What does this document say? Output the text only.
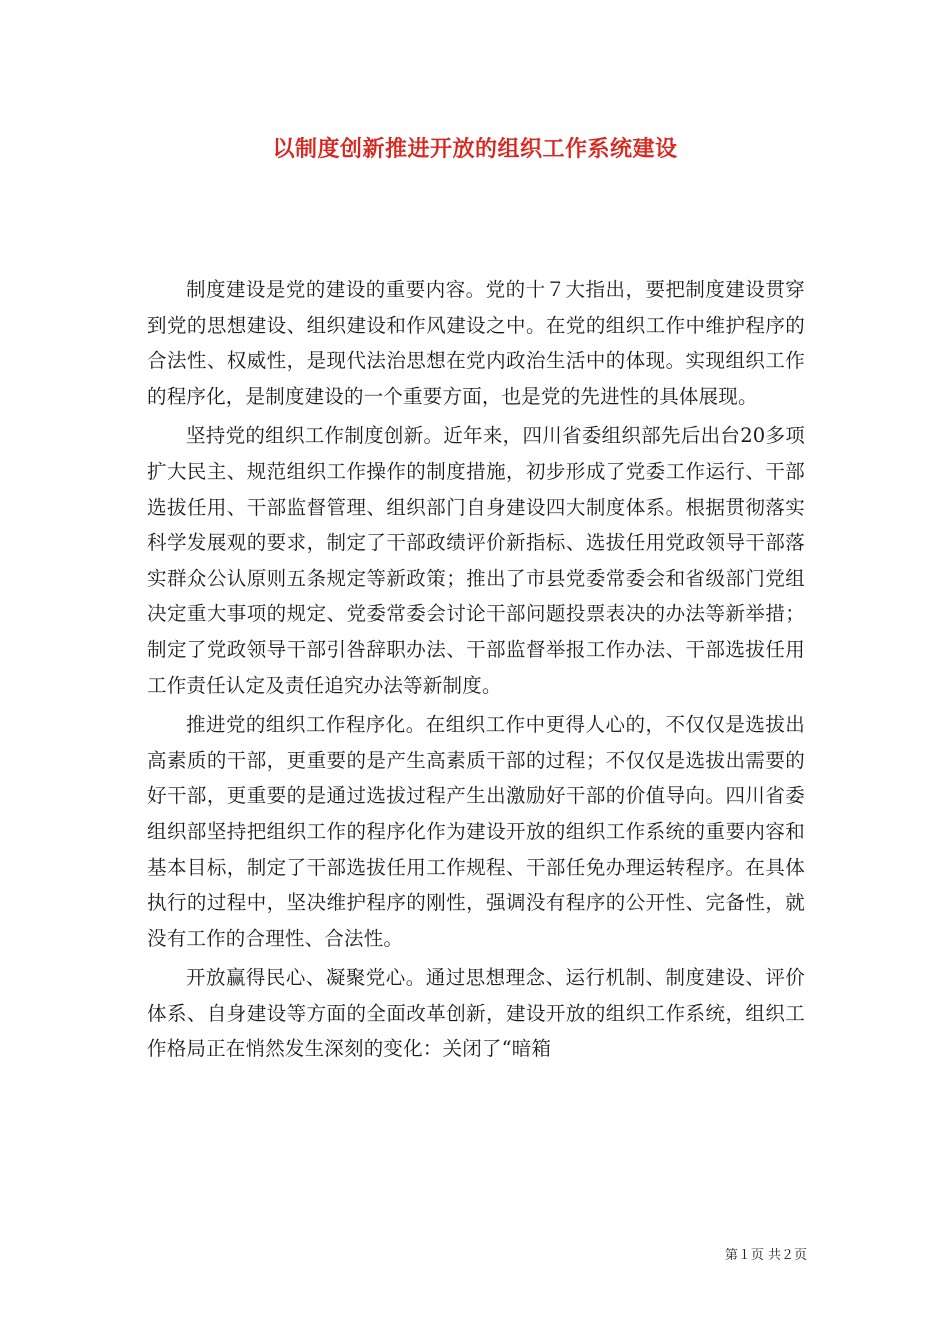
以制度创新推进开放的组织工作系统建设

制度建设是党的建设的重要内容。党的十７大指出，要把制度建设贯穿到党的思想建设、组织建设和作风建设之中。在党的组织工作中维护程序的合法性、权威性，是现代法治思想在党内政治生活中的体现。实现组织工作的程序化，是制度建设的一个重要方面，也是党的先进性的具体展现。

坚持党的组织工作制度创新。近年来，四川省委组织部先后出台20多项扩大民主、规范组织工作操作的制度措施，初步形成了党委工作运行、干部选拔任用、干部监督管理、组织部门自身建设四大制度体系。根据贯彻落实科学发展观的要求，制定了干部政绩评价新指标、选拔任用党政领导干部落实群众公认原则五条规定等新政策；推出了市县党委常委会和省级部门党组决定重大事项的规定、党委常委会讨论干部问题投票表决的办法等新举措；制定了党政领导干部引咎辞职办法、干部监督举报工作办法、干部选拔任用工作责任认定及责任追究办法等新制度。

推进党的组织工作程序化。在组织工作中更得人心的，不仅仅是选拔出高素质的干部，更重要的是产生高素质干部的过程；不仅仅是选拔出需要的好干部，更重要的是通过选拔过程产生出激励好干部的价值导向。四川省委组织部坚持把组织工作的程序化作为建设开放的组织工作系统的重要内容和基本目标，制定了干部选拔任用工作规程、干部任免办理运转程序。在具体执行的过程中，坚决维护程序的刚性，强调没有程序的公开性、完备性，就没有工作的合理性、合法性。

开放赢得民心、凝聚党心。通过思想理念、运行机制、制度建设、评价体系、自身建设等方面的全面改革创新，建设开放的组织工作系统，组织工作格局正在悄然发生深刻的变化：关闭了“暗箱

第１页 共２页
